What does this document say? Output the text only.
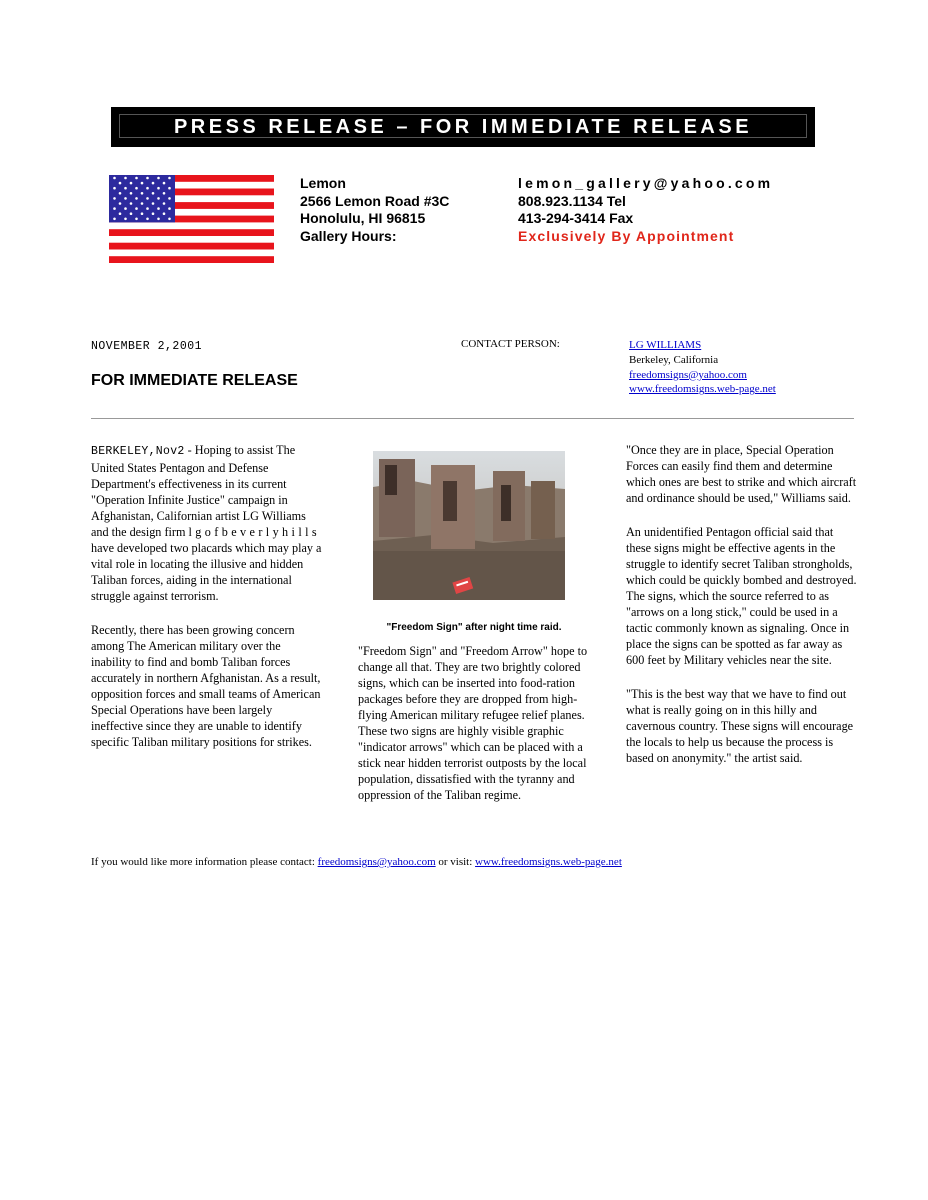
PRESS RELEASE – FOR IMMEDIATE RELEASE
Lemon
2566 Lemon Road #3C
Honolulu, HI 96815
Gallery Hours:
lemon_gallery@yahoo.com
808.923.1134 Tel
413-294-3414 Fax
Exclusively By Appointment
NOVEMBER 2,2001	CONTACT PERSON:	LG WILLIAMS
Berkeley, California
freedomsigns@yahoo.com
www.freedomsigns.web-page.net
FOR IMMEDIATE RELEASE

BERKELEY,Nov2 - Hoping to assist The United States Pentagon and Defense Department's effectiveness in its current "Operation Infinite Justice" campaign in Afghanistan, Californian artist LG Williams and the design firm lgofbeverlyhills have developed two placards which may play a vital role in locating the illusive and hidden Taliban forces, aiding in the international struggle against terrorism.

Recently, there has been growing concern among The American military over the inability to find and bomb Taliban forces accurately in northern Afghanistan. As a result, opposition forces and small teams of American Special Operations have been largely ineffective since they are unable to identify specific Taliban military positions for strikes.

"Freedom Sign" after night time raid.

"Freedom Sign" and "Freedom Arrow" hope to change all that. They are two brightly colored signs, which can be inserted into food-ration packages before they are dropped from high-flying American military refugee relief planes. These two signs are highly visible graphic "indicator arrows" which can be placed with a stick near hidden terrorist outposts by the local population, dissatisfied with the tyranny and oppression of the Taliban regime.

"Once they are in place, Special Operation Forces can easily find them and determine which ones are best to strike and which aircraft and ordinance should be used," Williams said.

An unidentified Pentagon official said that these signs might be effective agents in the struggle to identify secret Taliban strongholds, which could be quickly bombed and destroyed. The signs, which the source referred to as "arrows on a long stick," could be used in a tactic commonly known as signaling. Once in place the signs can be spotted as far away as 600 feet by Military vehicles near the site.

"This is the best way that we have to find out what is really going on in this hilly and cavernous country. These signs will encourage the locals to help us because the process is based on anonymity." the artist said.

If you would like more information please contact: freedomsigns@yahoo.com or visit: www.freedomsigns.web-page.net
